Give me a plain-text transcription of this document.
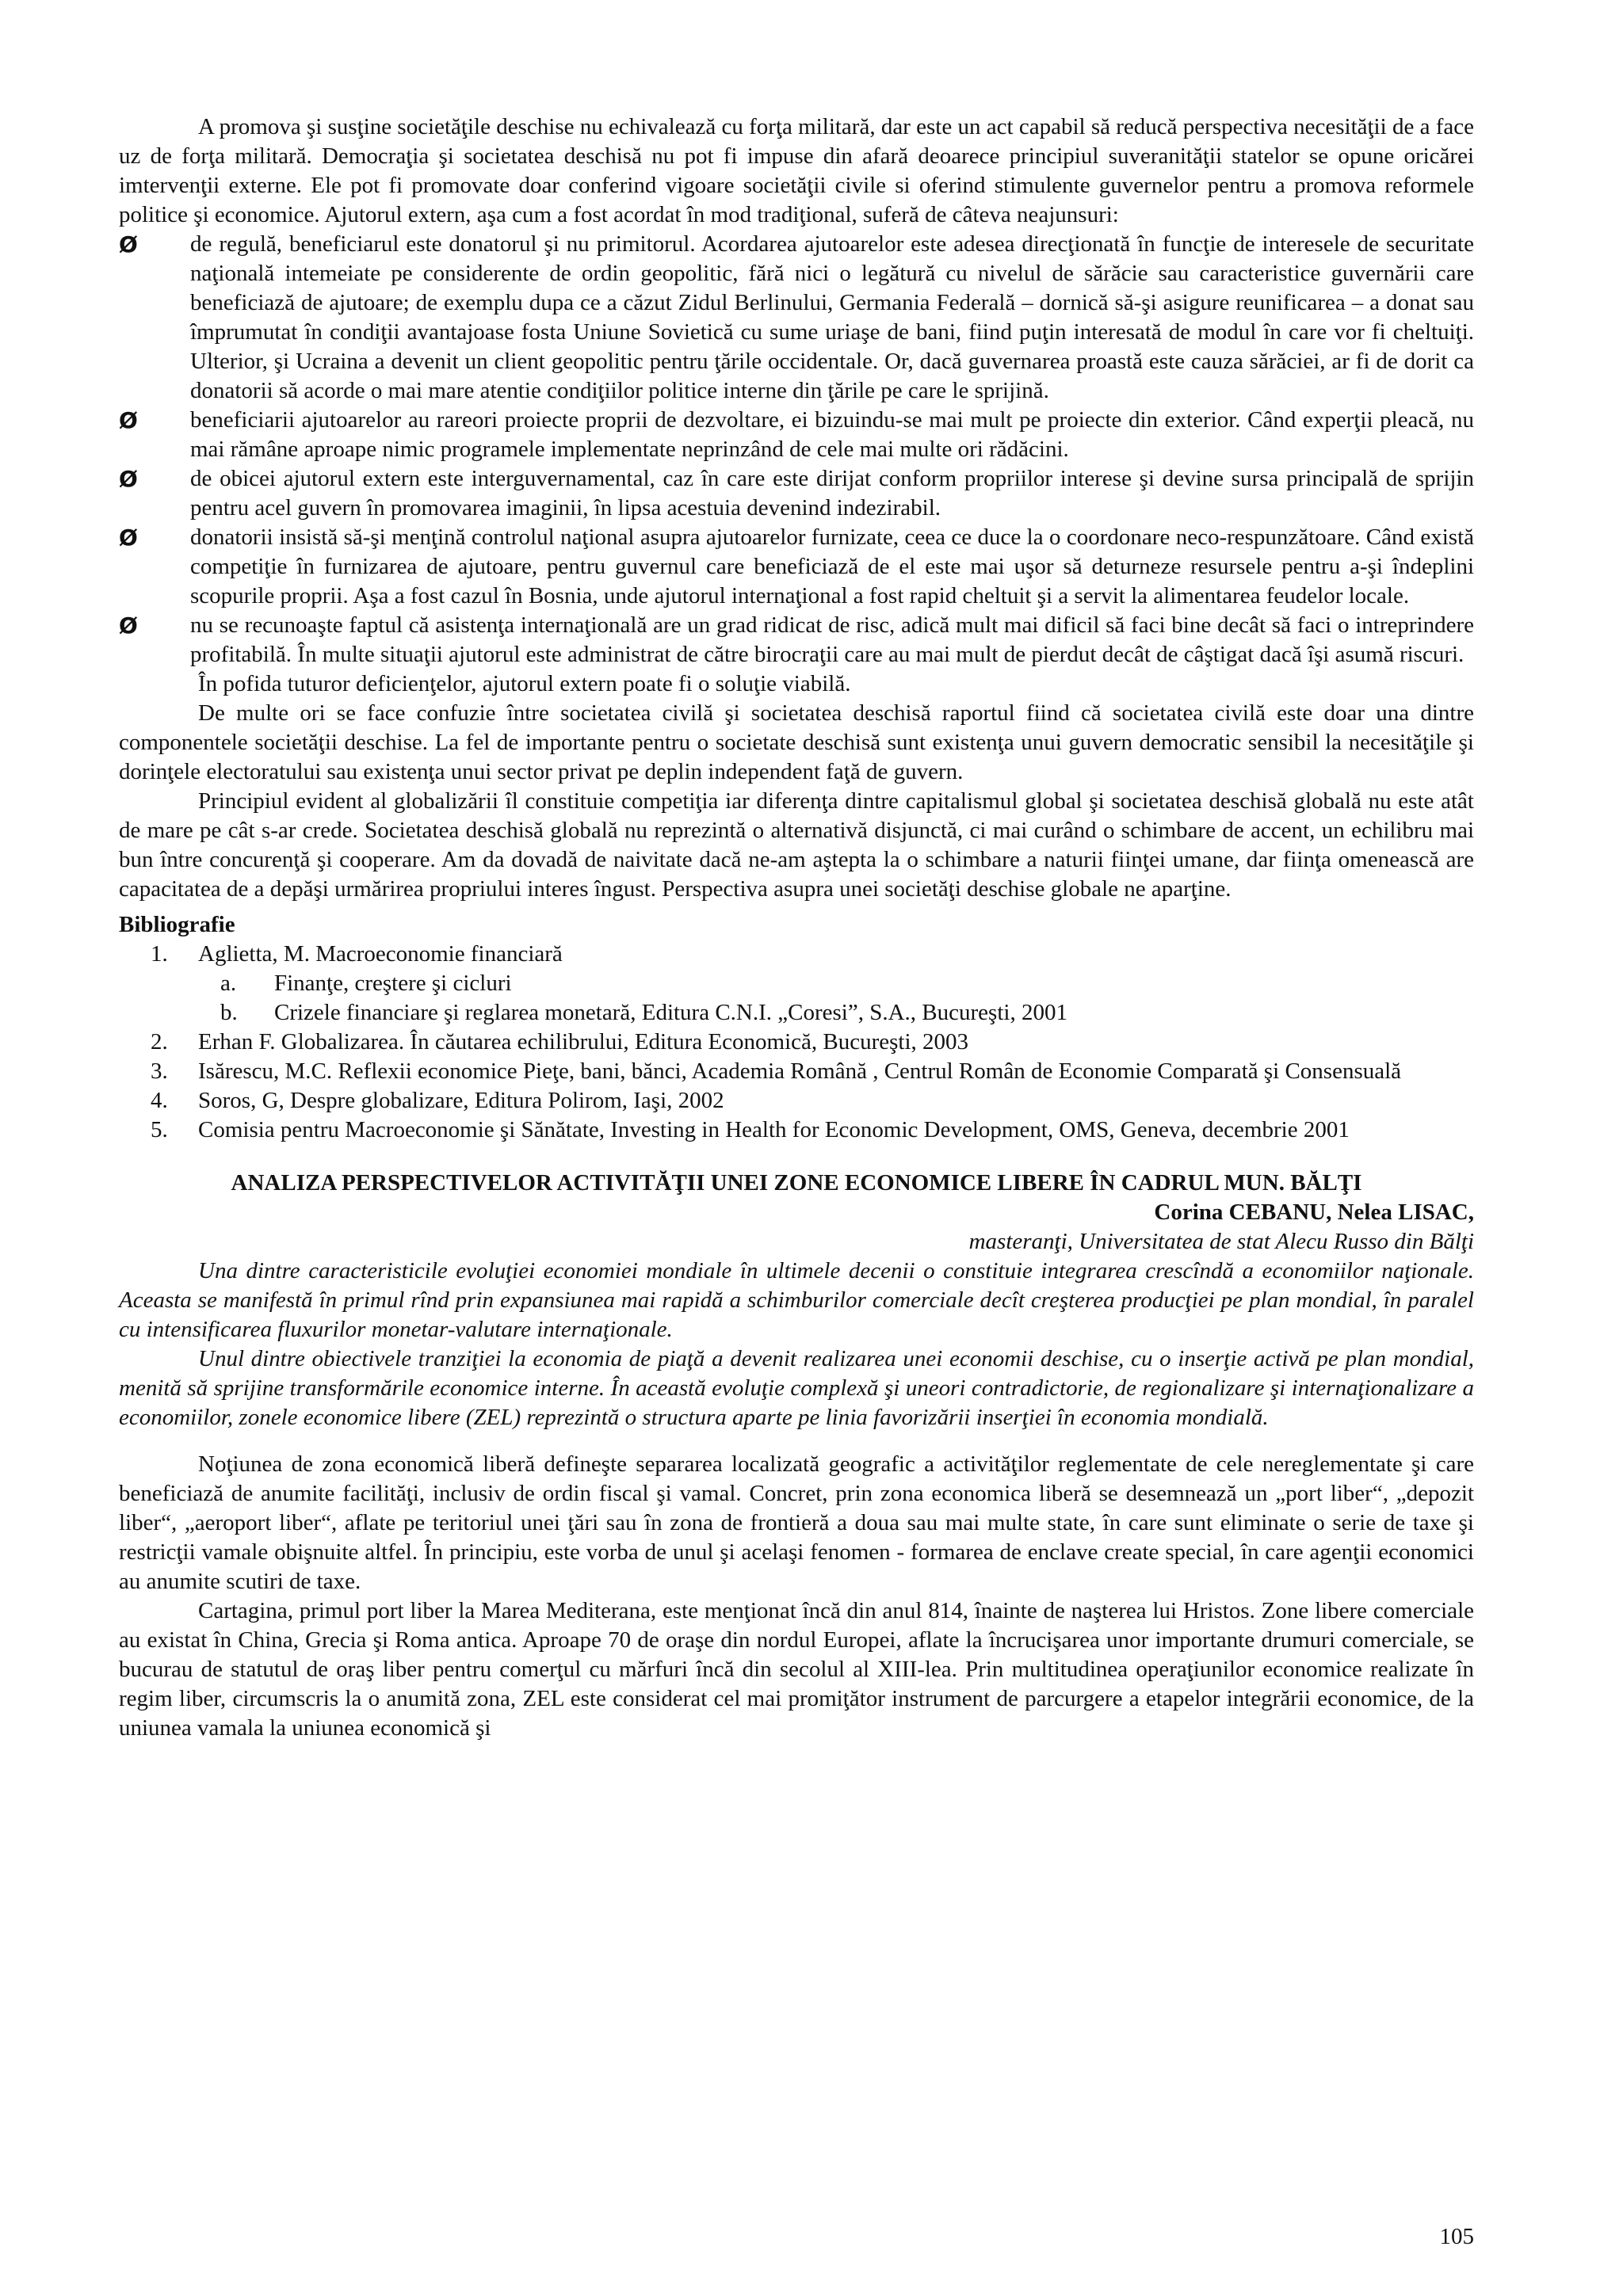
A promova şi susţine societăţile deschise nu echivalează cu forţa militară, dar este un act capabil să reducă perspectiva necesităţii de a face uz de forţa militară. Democraţia şi societatea deschisă nu pot fi impuse din afară deoarece principiul suveranităţii statelor se opune oricărei imtervenţii externe. Ele pot fi promovate doar conferind vigoare societăţii civile si oferind stimulente guvernelor pentru a promova reformele politice şi economice. Ajutorul extern, aşa cum a fost acordat în mod tradiţional, suferă de câteva neajunsuri:

Ø de regulă, beneficiarul este donatorul şi nu primitorul. Acordarea ajutoarelor este adesea direcţionată în funcţie de interesele de securitate naţională intemeiate pe considerente de ordin geopolitic, fără nici o legătură cu nivelul de sărăcie sau caracteristice guvernării care beneficiază de ajutoare; de exemplu dupa ce a căzut Zidul Berlinului, Germania Federală – dornică să-şi asigure reunificarea – a donat sau împrumutat în condiţii avantajoase fosta Uniune Sovietică cu sume uriaşe de bani, fiind puţin interesată de modul în care vor fi cheltuiţi. Ulterior, şi Ucraina a devenit un client geopolitic pentru ţările occidentale. Or, dacă guvernarea proastă este cauza sărăciei, ar fi de dorit ca donatorii să acorde o mai mare atentie condiţiilor politice interne din ţările pe care le sprijină.
Ø beneficiarii ajutoarelor au rareori proiecte proprii de dezvoltare, ei bizuindu-se mai mult pe proiecte din exterior. Când experţii pleacă, nu mai rămâne aproape nimic programele implementate neprinzând de cele mai multe ori rădăcini.
Ø de obicei ajutorul extern este interguvernamental, caz în care este dirijat conform propriilor interese şi devine sursa principală de sprijin pentru acel guvern în promovarea imaginii, în lipsa acestuia devenind indezirabil.
Ø donatorii insistă să-şi menţină controlul naţional asupra ajutoarelor furnizate, ceea ce duce la o coordonare neco-respunzătoare. Când există competiţie în furnizarea de ajutoare, pentru guvernul care beneficiază de el este mai uşor să deturneze resursele pentru a-şi îndeplini scopurile proprii. Aşa a fost cazul în Bosnia, unde ajutorul internaţional a fost rapid cheltuit şi a servit la alimentarea feudelor locale.
Ø nu se recunoaşte faptul că asistenţa internaţională are un grad ridicat de risc, adică mult mai dificil să faci bine decât să faci o intreprindere profitabilă. În multe situaţii ajutorul este administrat de către birocraţii care au mai mult de pierdut decât de câştigat dacă îşi asumă riscuri.

În pofida tuturor deficienţelor, ajutorul extern poate fi o soluţie viabilă.

De multe ori se face confuzie între societatea civilă şi societatea deschisă raportul fiind că societatea civilă este doar una dintre componentele societăţii deschise. La fel de importante pentru o societate deschisă sunt existenţa unui guvern democratic sensibil la necesităţile şi dorinţele electoratului sau existenţa unui sector privat pe deplin independent faţă de guvern.

Principiul evident al globalizării îl constituie competiţia iar diferenţa dintre capitalismul global şi societatea deschisă globală nu este atât de mare pe cât s-ar crede. Societatea deschisă globală nu reprezintă o alternativă disjunctă, ci mai curând o schimbare de accent, un echilibru mai bun între concurenţă şi cooperare. Am da dovadă de naivitate dacă ne-am aştepta la o schimbare a naturii fiinţei umane, dar fiinţa omenească are capacitatea de a depăşi urmărirea propriului interes îngust. Perspectiva asupra unei societăţi deschise globale ne aparţine.

Bibliografie
1. Aglietta, M. Macroeconomie financiară
a. Finanţe, creştere şi cicluri
b. Crizele financiare şi reglarea monetară, Editura C.N.I. „Coresi”, S.A., Bucureşti, 2001
2. Erhan F. Globalizarea. În căutarea echilibrului, Editura Economică, Bucureşti, 2003
3. Isărescu, M.C. Reflexii economice Pieţe, bani, bănci, Academia Română , Centrul Român de Economie Comparată şi Consensuală
4. Soros, G, Despre globalizare, Editura Polirom, Iaşi, 2002
5. Comisia pentru Macroeconomie şi Sănătate, Investing in Health for Economic Development, OMS, Geneva, decembrie 2001
ANALIZA PERSPECTIVELOR ACTIVITĂŢII UNEI ZONE ECONOMICE LIBERE ÎN CADRUL MUN. BĂLŢI
Corina CEBANU, Nelea LISAC,
masteranţi, Universitatea de stat Alecu Russo din Bălţi

Una dintre caracteristicile evoluţiei economiei mondiale în ultimele decenii o constituie integrarea crescîndă a economiilor naţionale. Aceasta se manifestă în primul rînd prin expansiunea mai rapidă a schimburilor comerciale decît creşterea producţiei pe plan mondial, în paralel cu intensificarea fluxurilor monetar-valutare internaţionale.

Unul dintre obiectivele tranziţiei la economia de piaţă a devenit realizarea unei economii deschise, cu o inserţie activă pe plan mondial, menită să sprijine transformările economice interne. În această evoluţie complexă şi uneori contradictorie, de regionalizare şi internaţionalizare a economiilor, zonele economice libere (ZEL) reprezintă o structura aparte pe linia favorizării inserţiei în economia mondială.

Noţiunea de zona economică liberă defineşte separarea localizată geografic a activităţilor reglementate de cele nereglementate şi care beneficiază de anumite facilităţi, inclusiv de ordin fiscal şi vamal. Concret, prin zona economica liberă se desemnează un „port liber“, „depozit liber“, „aeroport liber“, aflate pe teritoriul unei ţări sau în zona de frontieră a doua sau mai multe state, în care sunt eliminate o serie de taxe şi restricţii vamale obişnuite altfel. În principiu, este vorba de unul şi acelaşi fenomen - formarea de enclave create special, în care agenţii economici au anumite scutiri de taxe.

Cartagina, primul port liber la Marea Mediterana, este menţionat încă din anul 814, înainte de naşterea lui Hristos. Zone libere comerciale au existat în China, Grecia şi Roma antica. Aproape 70 de oraşe din nordul Europei, aflate la încrucişarea unor importante drumuri comerciale, se bucurau de statutul de oraş liber pentru comerţul cu mărfuri încă din secolul al XIII-lea. Prin multitudinea operaţiunilor economice realizate în regim liber, circumscris la o anumită zona, ZEL este considerat cel mai promiţător instrument de parcurgere a etapelor integrării economice, de la uniunea vamala la uniunea economică şi

105
